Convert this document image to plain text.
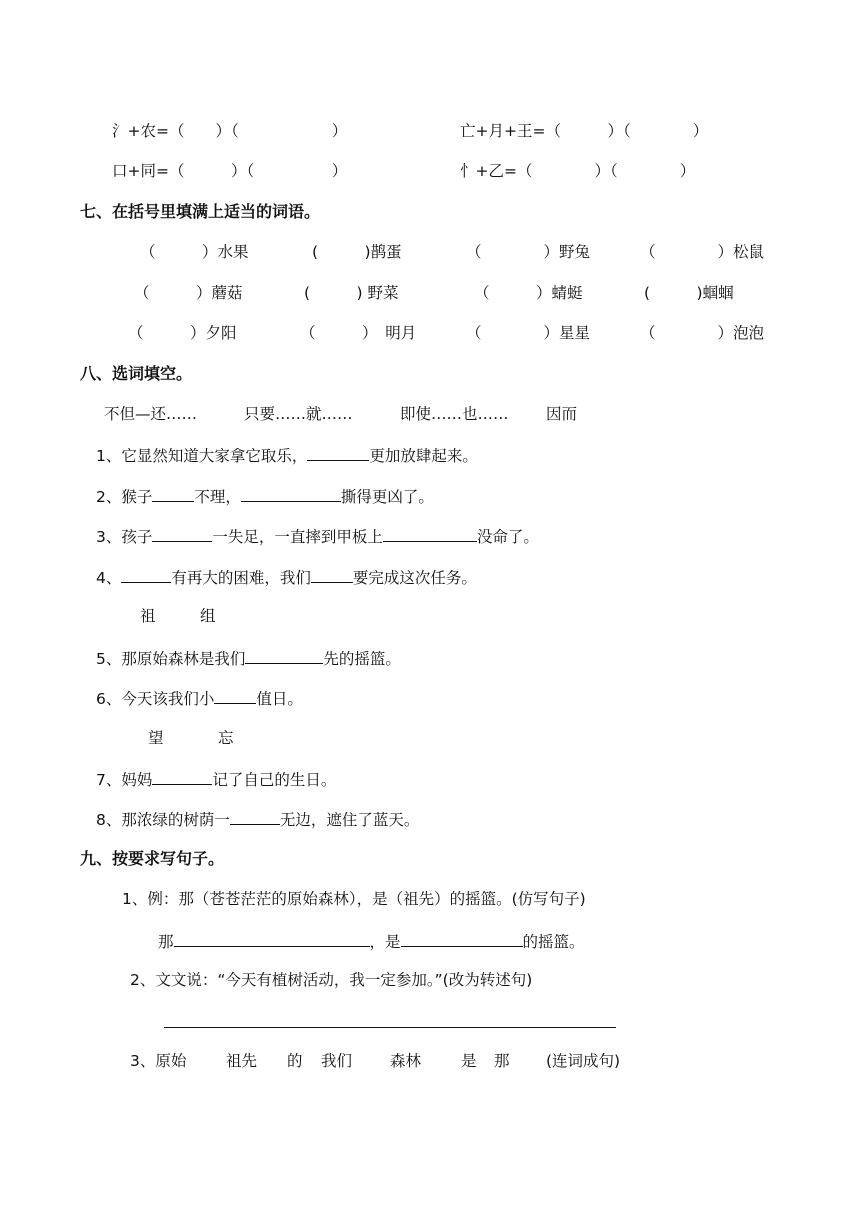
氵+农=（　　）（　　　　　　）	亡+月+王=（　　　）（　　　　）
口+同=（　　　）（　　　　　）	忄+乙=（　　　　）（　　　　）
七、在括号里填满上适当的词语。
（　　　）水果	(　　　)鹊蛋	（　　　　）野兔	（　　　　）松鼠
（　　　）蘑菇	(　　　) 野菜	（　　　）蜻蜓	(　　　)蝈蝈
（　　　）夕阳	（　　　）　明月	（　　　　）星星	（　　　　）泡泡
八、选词填空。
不但—还……	只要……就……	即使……也…… 因而
1、它显然知道大家拿它取乐，	更加放肆起来。
2、猴子	不理，	撕得更凶了。
3、孩子	一失足，一直摔到甲板上	没命了。
4、	有再大的困难，我们	要完成这次任务。
祖	组
5、那原始森林是我们	先的摇篮。
6、今天该我们小	值日。
望	忘
7、妈妈	记了自己的生日。
8、那浓绿的树荫一	无边，遮住了蓝天。
九、按要求写句子。
1、例：那（苍苍茫茫的原始森林），是（祖先）的摇篮。(仿写句子)
那	，是	的摇篮。
2、文文说：“今天有植树活动，我一定参加。”(改为转述句)
3、原始	祖先 的 我们 森林	是 那 (连词成句)
